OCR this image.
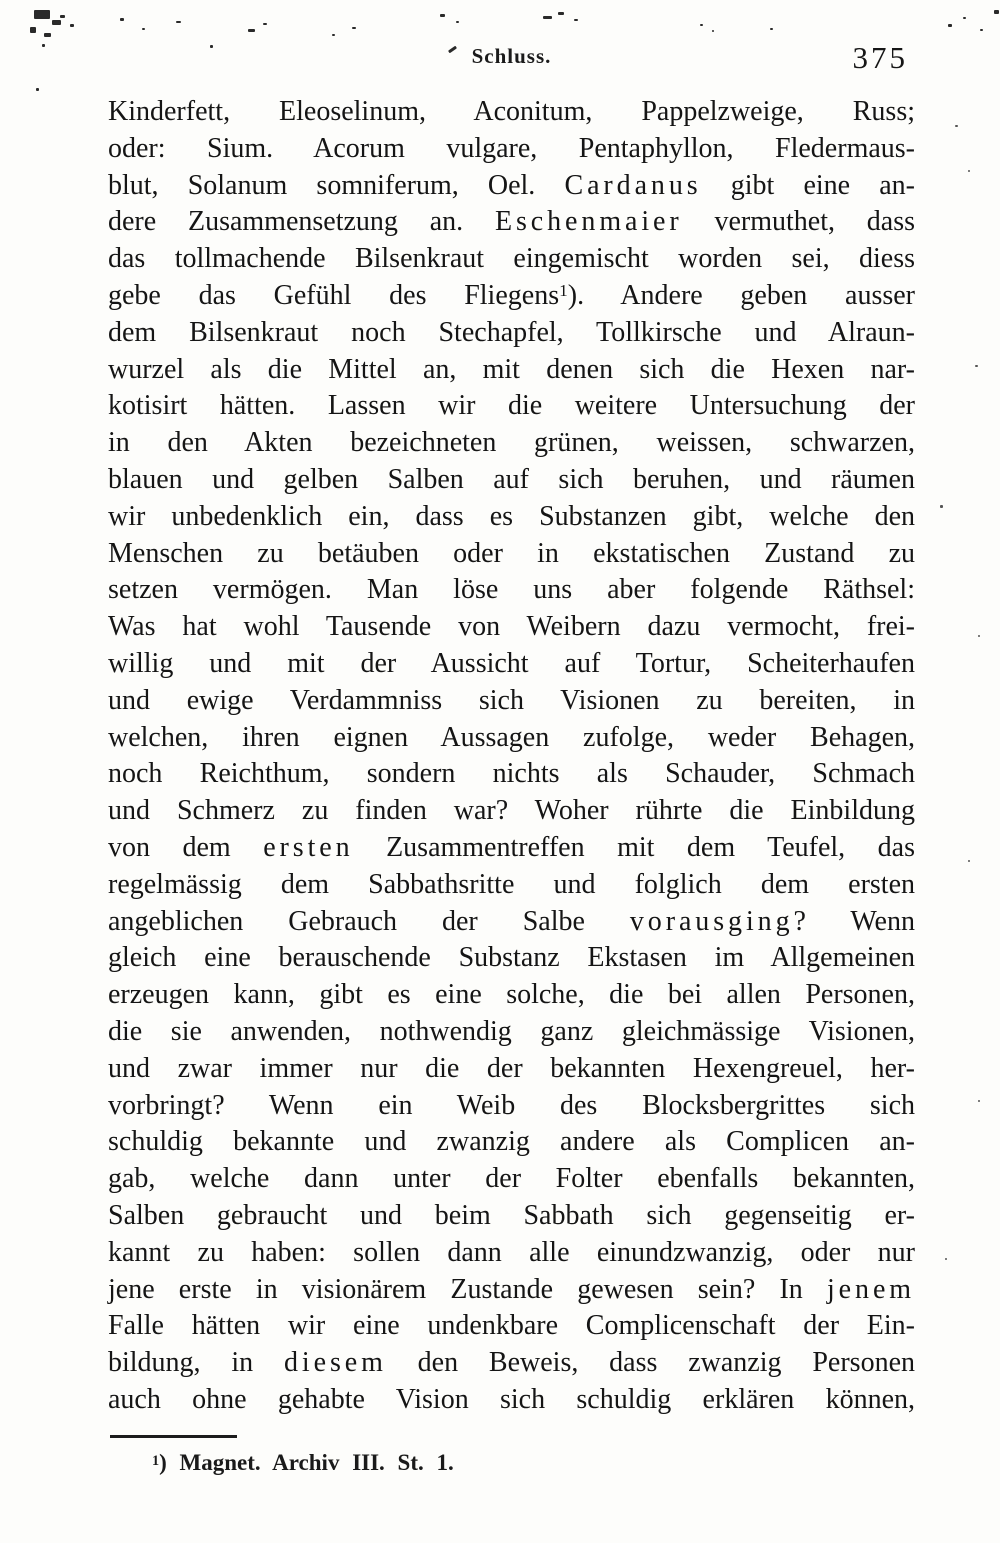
Schluss.	375
Kinderfett, Eleoselinum, Aconitum, Pappelzweige, Russ;
oder: Sium. Acorum vulgare, Pentaphyllon, Fledermaus-
blut, Solanum somniferum, Oel. Cardanus gibt eine an-
dere Zusammensetzung an. Eschenmaier vermuthet, dass
das tollmachende Bilsenkraut eingemischt worden sei, diess
gebe das Gefühl des Fliegens$^1$). Andere geben ausser
dem Bilsenkraut noch Stechapfel, Tollkirsche und Alraun-
wurzel als die Mittel an, mit denen sich die Hexen nar-
kotisirt hätten. Lassen wir die weitere Untersuchung der
in den Akten bezeichneten grünen, weissen, schwarzen,
blauen und gelben Salben auf sich beruhen, und räumen
wir unbedenklich ein, dass es Substanzen gibt, welche den
Menschen zu betäuben oder in ekstatischen Zustand zu
setzen vermögen. Man löse uns aber folgende Räthsel:
Was hat wohl Tausende von Weibern dazu vermocht, frei-
willig und mit der Aussicht auf Tortur, Scheiterhaufen
und ewige Verdammniss sich Visionen zu bereiten, in
welchen, ihren eignen Aussagen zufolge, weder Behagen,
noch Reichthum, sondern nichts als Schauder, Schmach
und Schmerz zu finden war? Woher rührte die Einbildung
von dem ersten Zusammentreffen mit dem Teufel, das
regelmässig dem Sabbathsritte und folglich dem ersten
angeblichen Gebrauch der Salbe vorausging? Wenn
gleich eine berauschende Substanz Ekstasen im Allgemeinen
erzeugen kann, gibt es eine solche, die bei allen Personen,
die sie anwenden, nothwendig ganz gleichmässige Visionen,
und zwar immer nur die der bekannten Hexengreuel, her-
vorbringt? Wenn ein Weib des Blocksbergrittes sich
schuldig bekannte und zwanzig andere als Complicen an-
gab, welche dann unter der Folter ebenfalls bekannten,
Salben gebraucht und beim Sabbath sich gegenseitig er-
kannt zu haben: sollen dann alle einundzwanzig, oder nur
jene erste in visionärem Zustande gewesen sein? In jenem
Falle hätten wir eine undenkbare Complicenschaft der Ein-
bildung, in diesem den Beweis, dass zwanzig Personen
auch ohne gehabte Vision sich schuldig erklären können,
$^1$) Magnet. Archiv III. St. 1.
